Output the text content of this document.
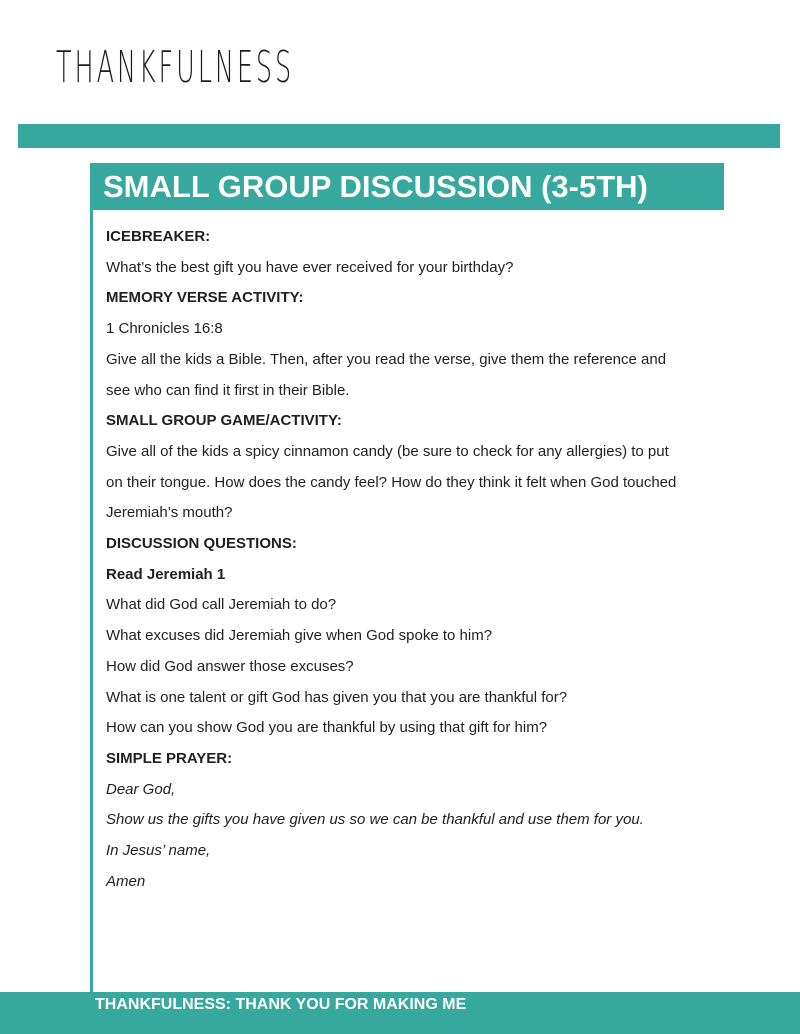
THANKFULNESS
SMALL GROUP DISCUSSION (3-5TH)
ICEBREAKER:
What’s the best gift you have ever received for your birthday?
MEMORY VERSE ACTIVITY:
1 Chronicles 16:8
Give all the kids a Bible. Then, after you read the verse, give them the reference and
see who can find it first in their Bible.
SMALL GROUP GAME/ACTIVITY:
Give all of the kids a spicy cinnamon candy (be sure to check for any allergies) to put
on their tongue. How does the candy feel? How do they think it felt when God touched
Jeremiah’s mouth?
DISCUSSION QUESTIONS:
Read Jeremiah 1
What did God call Jeremiah to do?
What excuses did Jeremiah give when God spoke to him?
How did God answer those excuses?
What is one talent or gift God has given you that you are thankful for?
How can you show God you are thankful by using that gift for him?
SIMPLE PRAYER:
Dear God,
Show us the gifts you have given us so we can be thankful and use them for you.
In Jesus’ name,
Amen
THANKFULNESS: THANK YOU FOR MAKING ME
